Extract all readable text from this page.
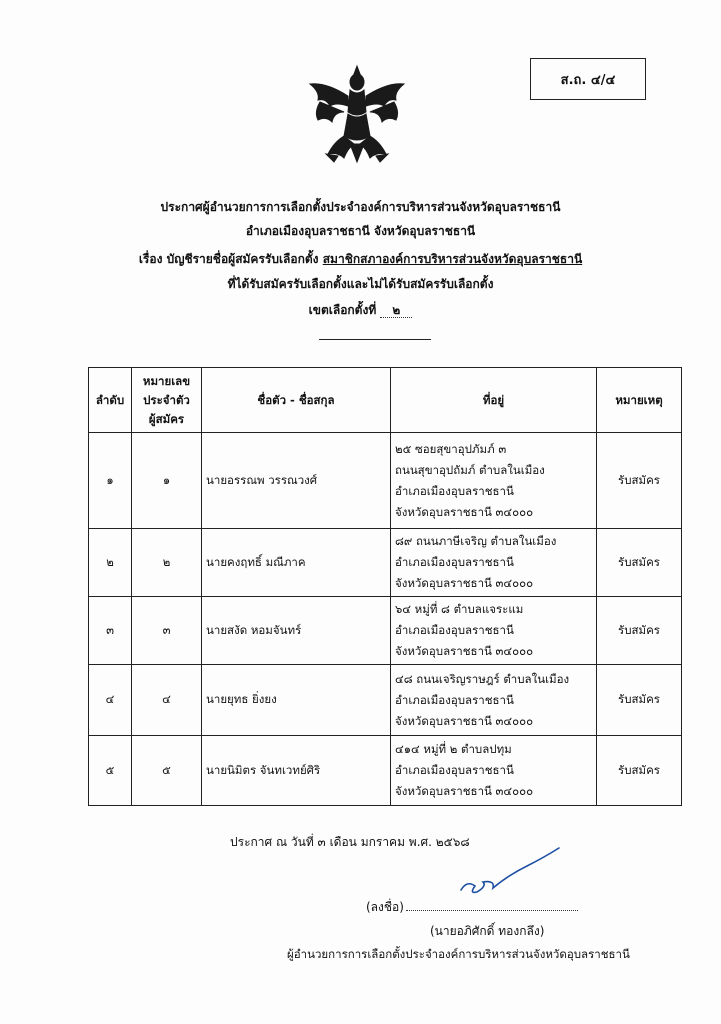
ส.ถ. ๔/๔
ประกาศผู้อำนวยการการเลือกตั้งประจำองค์การบริหารส่วนจังหวัดอุบลราชธานี
อำเภอเมืองอุบลราชธานี จังหวัดอุบลราชธานี
เรื่อง บัญชีรายชื่อผู้สมัครรับเลือกตั้ง สมาชิกสภาองค์การบริหารส่วนจังหวัดอุบลราชธานี
ที่ได้รับสมัครรับเลือกตั้งและไม่ได้รับสมัครรับเลือกตั้ง
เขตเลือกตั้งที่ ๒
ลำดับ	หมายเลข
ประจำตัว
ผู้สมัคร	ชื่อตัว - ชื่อสกุล	ที่อยู่	หมายเหตุ
๑	๑	นายอรรณพ วรรณวงศ์	๒๕ ซอยสุขาอุปภัมภ์ ๓
ถนนสุขาอุปถัมภ์ ตำบลในเมือง
อำเภอเมืองอุบลราชธานี
จังหวัดอุบลราชธานี ๓๔๐๐๐	รับสมัคร
๒	๒	นายคงฤทธิ์ มณีภาค	๘๙ ถนนภาษีเจริญ ตำบลในเมือง
อำเภอเมืองอุบลราชธานี
จังหวัดอุบลราชธานี ๓๔๐๐๐	รับสมัคร
๓	๓	นายสงัด หอมจันทร์	๖๔ หมู่ที่ ๘ ตำบลแจระแม
อำเภอเมืองอุบลราชธานี
จังหวัดอุบลราชธานี ๓๔๐๐๐	รับสมัคร
๔	๔	นายยุทธ ยิ่งยง	๔๘ ถนนเจริญราษฎร์ ตำบลในเมือง
อำเภอเมืองอุบลราชธานี
จังหวัดอุบลราชธานี ๓๔๐๐๐	รับสมัคร
๕	๕	นายนิมิตร จันทเวทย์ศิริ	๔๑๔ หมู่ที่ ๒ ตำบลปทุม
อำเภอเมืองอุบลราชธานี
จังหวัดอุบลราชธานี ๓๔๐๐๐	รับสมัคร
ประกาศ ณ วันที่ ๓ เดือน มกราคม พ.ศ. ๒๕๖๘
(ลงชื่อ)
(นายอภิศักดิ์ ทองกลึง)
ผู้อำนวยการการเลือกตั้งประจำองค์การบริหารส่วนจังหวัดอุบลราชธานี
